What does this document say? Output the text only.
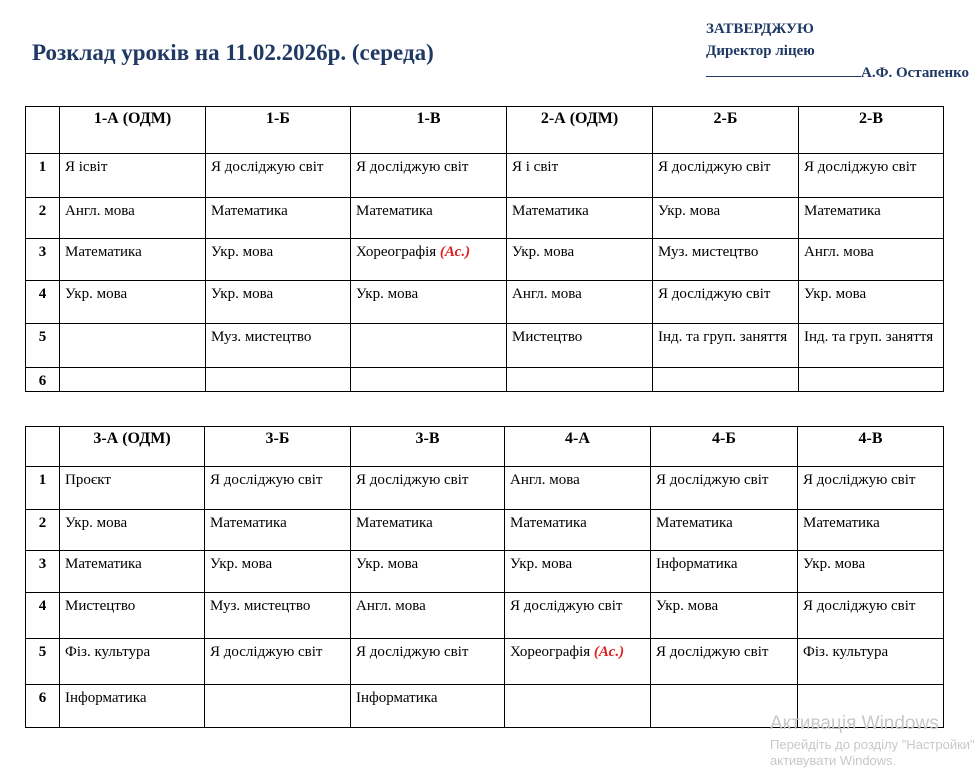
Розклад уроків на 11.02.2026р. (середа)
ЗАТВЕРДЖУЮ
Директор ліцею
А.Ф. Остапенко
	1-А (ОДМ)	1-Б	1-В	2-А (ОДМ)	2-Б	2-В
1	Я ісвіт	Я досліджую світ	Я досліджую світ	Я і світ	Я досліджую світ	Я досліджую світ
2	Англ. мова	Математика	Математика	Математика	Укр. мова	Математика
3	Математика	Укр. мова	Хореографія (Ас.)	Укр. мова	Муз. мистецтво	Англ. мова
4	Укр. мова	Укр. мова	Укр. мова	Англ. мова	Я досліджую світ	Укр. мова
5		Муз. мистецтво		Мистецтво	Інд. та груп. заняття	Інд. та груп. заняття
6						
	3-А (ОДМ)	3-Б	3-В	4-А	4-Б	4-В
1	Проєкт	Я досліджую світ	Я досліджую світ	Англ. мова	Я досліджую світ	Я досліджую світ
2	Укр. мова	Математика	Математика	Математика	Математика	Математика
3	Математика	Укр. мова	Укр. мова	Укр. мова	Інформатика	Укр. мова
4	Мистецтво	Муз. мистецтво	Англ. мова	Я досліджую світ	Укр. мова	Я досліджую світ
5	Фіз. культура	Я досліджую світ	Я досліджую світ	Хореографія (Ас.)	Я досліджую світ	Фіз. культура
6	Інформатика		Інформатика			
Активація Windows
Перейдіть до розділу "Настройки"
активувати Windows.
